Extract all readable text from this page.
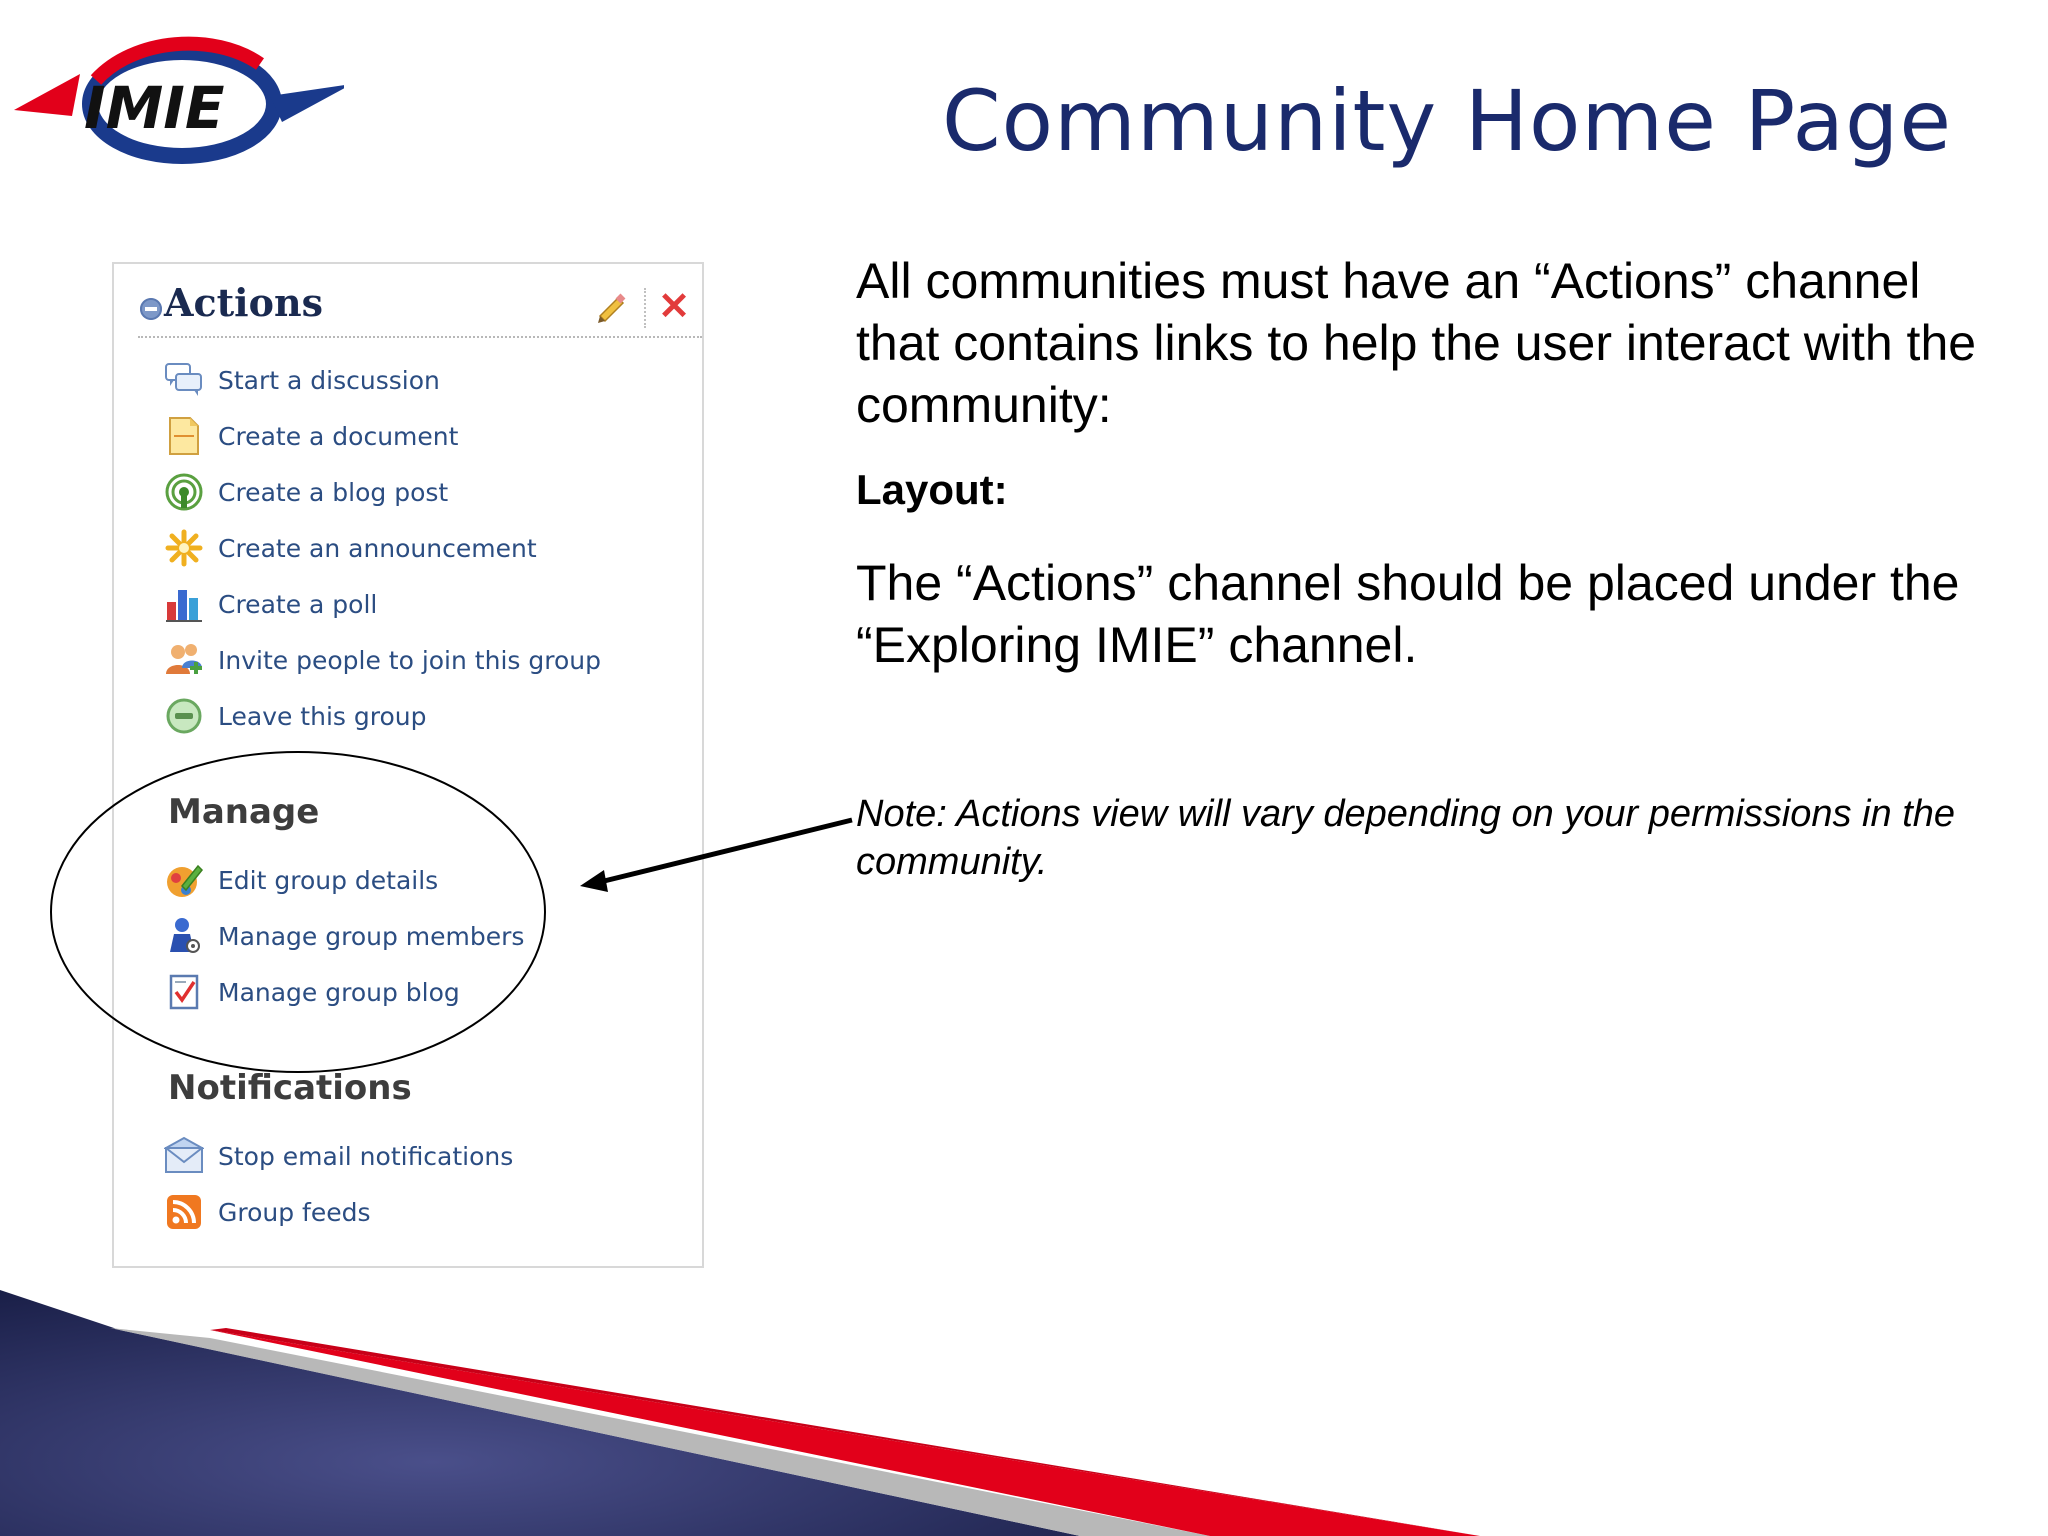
IMIE	Community Home Page
Actions	✕
Start a discussion
Create a document
Create a blog post
Create an announcement
Create a poll
Invite people to join this group
Leave this group
Manage
Edit group details
Manage group members
Manage group blog
Notifications
Stop email notifications
Group feeds
All communities must have an “Actions” channel that contains links to help the user interact with the community:
Layout:
The “Actions” channel should be placed under the “Exploring IMIE” channel.
Note: Actions view will vary depending on your permissions in the community.
